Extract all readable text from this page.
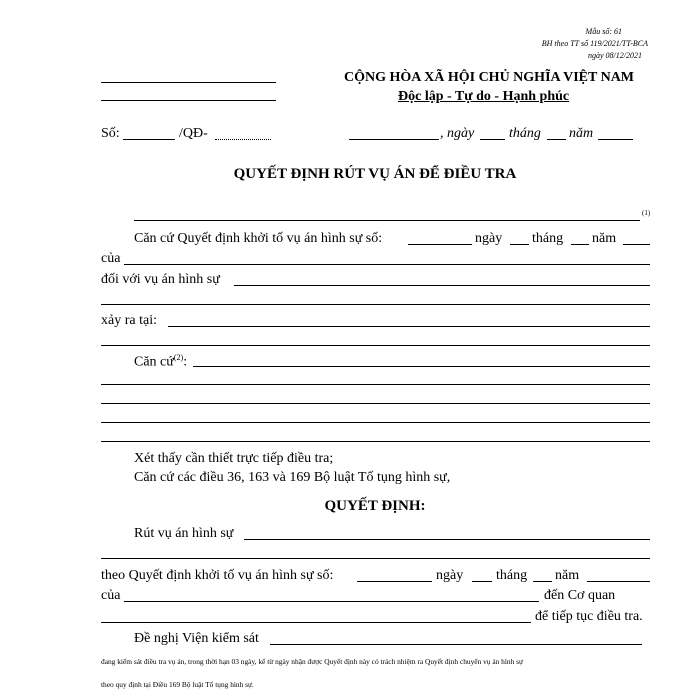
Mẫu số: 61
BH theo TT số 119/2021/TT-BCA
ngày 08/12/2021
CỘNG HÒA XÃ HỘI CHỦ NGHĨA VIỆT NAM
Độc lập - Tự do - Hạnh phúc
Số:	/QĐ-	, ngày tháng năm
QUYẾT ĐỊNH RÚT VỤ ÁN ĐỂ ĐIỀU TRA
(1)
Căn cứ Quyết định khởi tố vụ án hình sự số:	ngày tháng năm
của
đối với vụ án hình sự
xảy ra tại:
Căn cứ$^{(2)}$:
Xét thấy cần thiết trực tiếp điều tra;
Căn cứ các điều 36, 163 và 169 Bộ luật Tố tụng hình sự,
QUYẾT ĐỊNH:
Rút vụ án hình sự
theo Quyết định khởi tố vụ án hình sự số:	ngày tháng năm
của	đến Cơ quan
để tiếp tục điều tra.
Đề nghị Viện kiểm sát
đang kiểm sát điều tra vụ án, trong thời hạn 03 ngày, kể từ ngày nhận được Quyết định này có trách nhiệm ra Quyết định chuyển vụ án hình sự
theo quy định tại Điều 169 Bộ luật Tố tụng hình sự.
